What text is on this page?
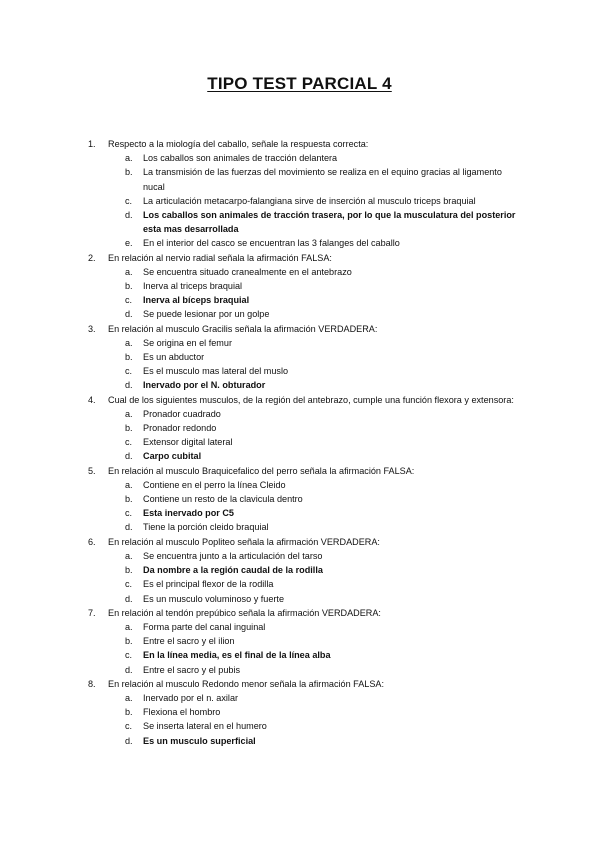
TIPO TEST PARCIAL 4
1.	Respecto a la miología del caballo, señale la respuesta correcta:
a.	Los caballos son animales de tracción delantera
b.	La transmisión de las fuerzas del movimiento se realiza en el equino gracias al ligamento nucal
c.	La articulación metacarpo-falangiana sirve de inserción al musculo triceps braquial
d.	Los caballos son animales de tracción trasera, por lo que la musculatura del posterior esta mas desarrollada
e.	En el interior del casco se encuentran las 3 falanges del caballo
2.	En relación al nervio radial señala la afirmación FALSA:
a.	Se encuentra situado cranealmente en el antebrazo
b.	Inerva al triceps braquial
c.	Inerva al bíceps braquial
d.	Se puede lesionar por un golpe
3.	En relación al musculo Gracilis señala la afirmación VERDADERA:
a.	Se origina en el femur
b.	Es un abductor
c.	Es el musculo mas lateral del muslo
d.	Inervado por el N. obturador
4.	Cual de los siguientes musculos, de la región del antebrazo, cumple una función flexora y extensora:
a.	Pronador cuadrado
b.	Pronador redondo
c.	Extensor digital lateral
d.	Carpo cubital
5.	En relación al musculo Braquicefalico del perro señala la afirmación FALSA:
a.	Contiene en el perro la línea Cleido
b.	Contiene un resto de la clavicula dentro
c.	Esta inervado por C5
d.	Tiene la porción cleido braquial
6.	En relación al musculo Popliteo señala la afirmación VERDADERA:
a.	Se encuentra junto a la articulación del tarso
b.	Da nombre a la región caudal de la rodilla
c.	Es el principal flexor de la rodilla
d.	Es un musculo voluminoso y fuerte
7.	En relación al tendón prepúbico señala la afirmación VERDADERA:
a.	Forma parte del canal inguinal
b.	Entre el sacro y el ilion
c.	En la línea media, es el final de la línea alba
d.	Entre el sacro y el pubis
8.	En relación al musculo Redondo menor señala la afirmación FALSA:
a.	Inervado por el n. axilar
b.	Flexiona el hombro
c.	Se inserta lateral en el humero
d.	Es un musculo superficial
